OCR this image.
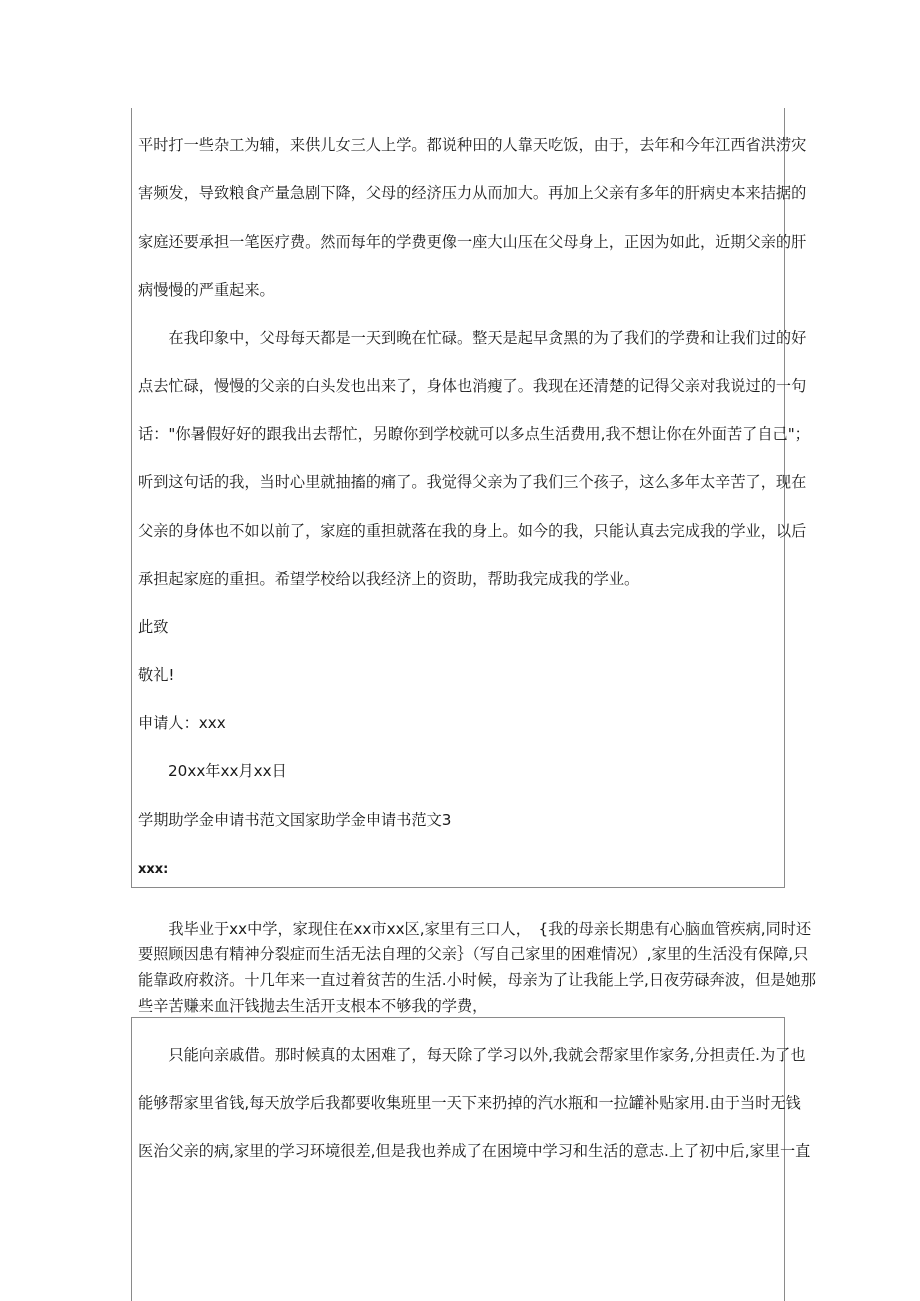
平时打一些杂工为辅，来供儿女三人上学。都说种田的人靠天吃饭，由于，去年和今年江西省洪涝灾
害频发，导致粮食产量急剧下降，父母的经济压力从而加大。再加上父亲有多年的肝病史本来拮据的
家庭还要承担一笔医疗费。然而每年的学费更像一座大山压在父母身上，正因为如此，近期父亲的肝
病慢慢的严重起来。
　　在我印象中，父母每天都是一天到晚在忙碌。整天是起早贪黑的为了我们的学费和让我们过的好
点去忙碌，慢慢的父亲的白头发也出来了，身体也消瘦了。我现在还清楚的记得父亲对我说过的一句
话："你暑假好好的跟我出去帮忙，另瞭你到学校就可以多点生活费用,我不想让你在外面苦了自己"；
听到这句话的我，当时心里就抽搐的痛了。我觉得父亲为了我们三个孩子，这么多年太辛苦了，现在
父亲的身体也不如以前了，家庭的重担就落在我的身上。如今的我，只能认真去完成我的学业，以后
承担起家庭的重担。希望学校给以我经济上的资助，帮助我完成我的学业。
此致
敬礼!
申请人：xxx
20xx年xx月xx日
学期助学金申请书范文国家助学金申请书范文3
xxx:
　　我毕业于xx中学，家现住在xx市xx区,家里有三口人，　{我的母亲长期患有心脑血管疾病,同时还
要照顾因患有精神分裂症而生活无法自理的父亲｝（写自己家里的困难情况）,家里的生活没有保障,只
能靠政府救济。十几年来一直过着贫苦的生活.小时候，母亲为了让我能上学,日夜劳碌奔波，但是她那
些辛苦赚来血汗钱抛去生活开支根本不够我的学费，
　　只能向亲戚借。那时候真的太困难了，每天除了学习以外,我就会帮家里作家务,分担责任.为了也
能够帮家里省钱,每天放学后我都要收集班里一天下来扔掉的汽水瓶和一拉罐补贴家用.由于当时无钱
医治父亲的病,家里的学习环境很差,但是我也养成了在困境中学习和生活的意志.上了初中后,家里一直
